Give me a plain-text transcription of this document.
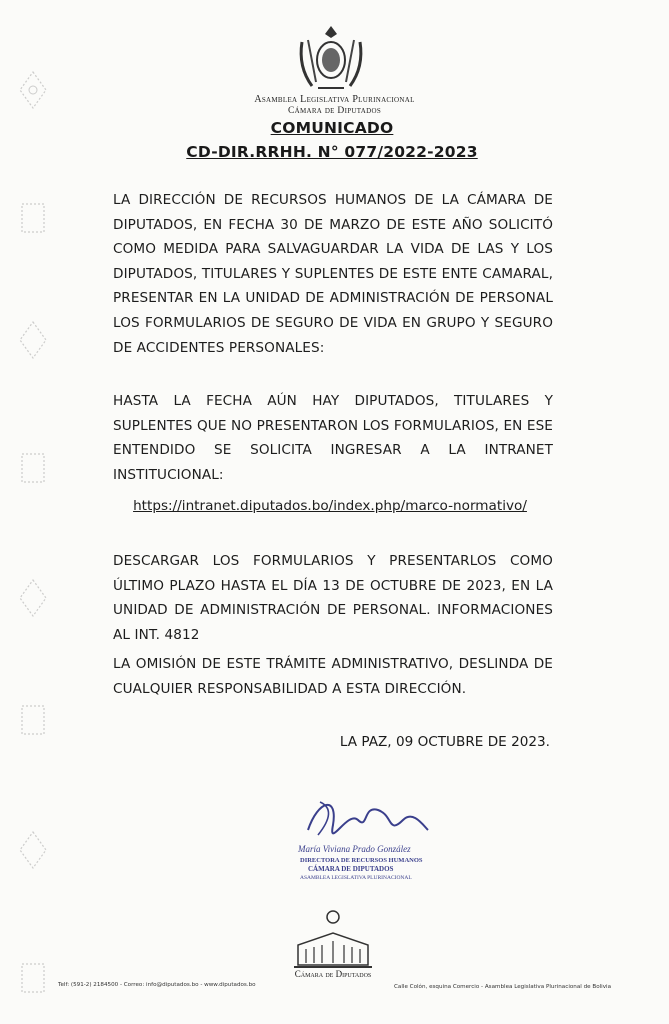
Asamblea Legislativa Plurinacional
Cámara de Diputados
COMUNICADO
CD-DIR.RRHH. N° 077/2022-2023
LA DIRECCIÓN DE RECURSOS HUMANOS DE LA CÁMARA DE DIPUTADOS, EN FECHA 30 DE MARZO DE ESTE AÑO SOLICITÓ COMO MEDIDA PARA SALVAGUARDAR LA VIDA DE LAS Y LOS DIPUTADOS, TITULARES Y SUPLENTES DE ESTE ENTE CAMARAL, PRESENTAR EN LA UNIDAD DE ADMINISTRACIÓN DE PERSONAL LOS FORMULARIOS DE SEGURO DE VIDA EN GRUPO Y SEGURO DE ACCIDENTES PERSONALES:
HASTA LA FECHA AÚN HAY DIPUTADOS, TITULARES Y SUPLENTES QUE NO PRESENTARON LOS FORMULARIOS, EN ESE ENTENDIDO SE SOLICITA INGRESAR A LA INTRANET INSTITUCIONAL:
https://intranet.diputados.bo/index.php/marco-normativo/
DESCARGAR LOS FORMULARIOS Y PRESENTARLOS COMO ÚLTIMO PLAZO HASTA EL DÍA 13 DE OCTUBRE DE 2023, EN LA UNIDAD DE ADMINISTRACIÓN DE PERSONAL. INFORMACIONES AL INT. 4812
LA OMISIÓN DE ESTE TRÁMITE ADMINISTRATIVO, DESLINDA DE CUALQUIER RESPONSABILIDAD A ESTA DIRECCIÓN.
LA PAZ, 09 OCTUBRE DE 2023.
María Viviana Prado González
DIRECTORA DE RECURSOS HUMANOS
CÁMARA DE DIPUTADOS
ASAMBLEA LEGISLATIVA PLURINACIONAL
Cámara de Diputados
Telf: (591-2) 2184500 - Correo: info@diputados.bo - www.diputados.bo	Calle Colón, esquina Comercio - Asamblea Legislativa Plurinacional de Bolivia
